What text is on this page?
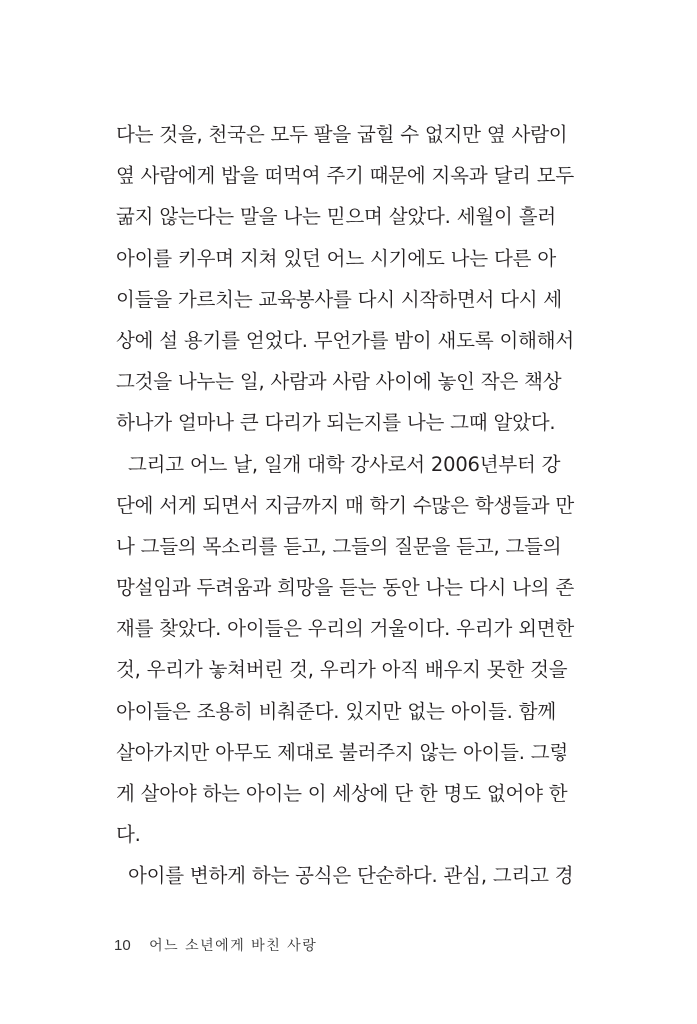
다는 것을, 천국은 모두 팔을 굽힐 수 없지만 옆 사람이
옆 사람에게 밥을 떠먹여 주기 때문에 지옥과 달리 모두
굶지 않는다는 말을 나는 믿으며 살았다. 세월이 흘러
아이를 키우며 지쳐 있던 어느 시기에도 나는 다른 아
이들을 가르치는 교육봉사를 다시 시작하면서 다시 세
상에 설 용기를 얻었다. 무언가를 밤이 새도록 이해해서
그것을 나누는 일, 사람과 사람 사이에 놓인 작은 책상
하나가 얼마나 큰 다리가 되는지를 나는 그때 알았다.
그리고 어느 날, 일개 대학 강사로서 2006년부터 강
단에 서게 되면서 지금까지 매 학기 수많은 학생들과 만
나 그들의 목소리를 듣고, 그들의 질문을 듣고, 그들의
망설임과 두려움과 희망을 듣는 동안 나는 다시 나의 존
재를 찾았다. 아이들은 우리의 거울이다. 우리가 외면한
것, 우리가 놓쳐버린 것, 우리가 아직 배우지 못한 것을
아이들은 조용히 비춰준다. 있지만 없는 아이들. 함께
살아가지만 아무도 제대로 불러주지 않는 아이들. 그렇
게 살아야 하는 아이는 이 세상에 단 한 명도 없어야 한
다.
아이를 변하게 하는 공식은 단순하다. 관심, 그리고 경
10 어느 소년에게 바친 사랑
